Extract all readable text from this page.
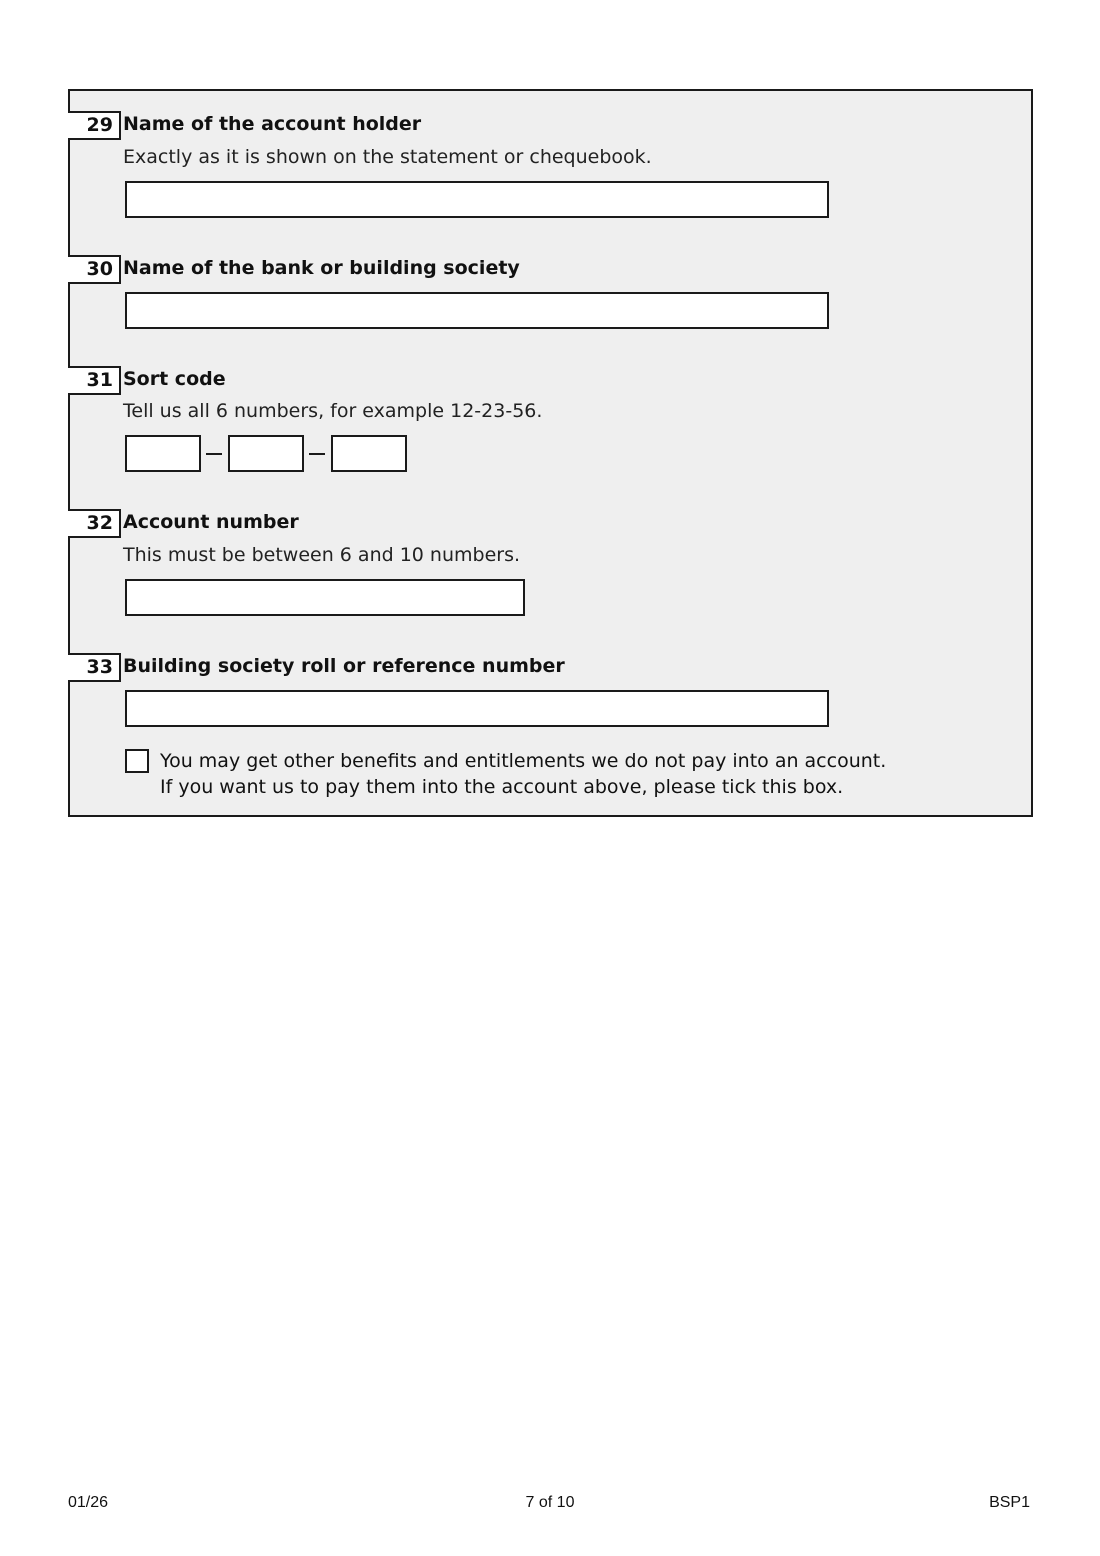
29 Name of the account holder
Exactly as it is shown on the statement or chequebook.
30 Name of the bank or building society
31 Sort code
Tell us all 6 numbers, for example 12-23-56.
32 Account number
This must be between 6 and 10 numbers.
33 Building society roll or reference number
You may get other benefits and entitlements we do not pay into an account.
If you want us to pay them into the account above, please tick this box.
01/26	7 of 10	BSP1
